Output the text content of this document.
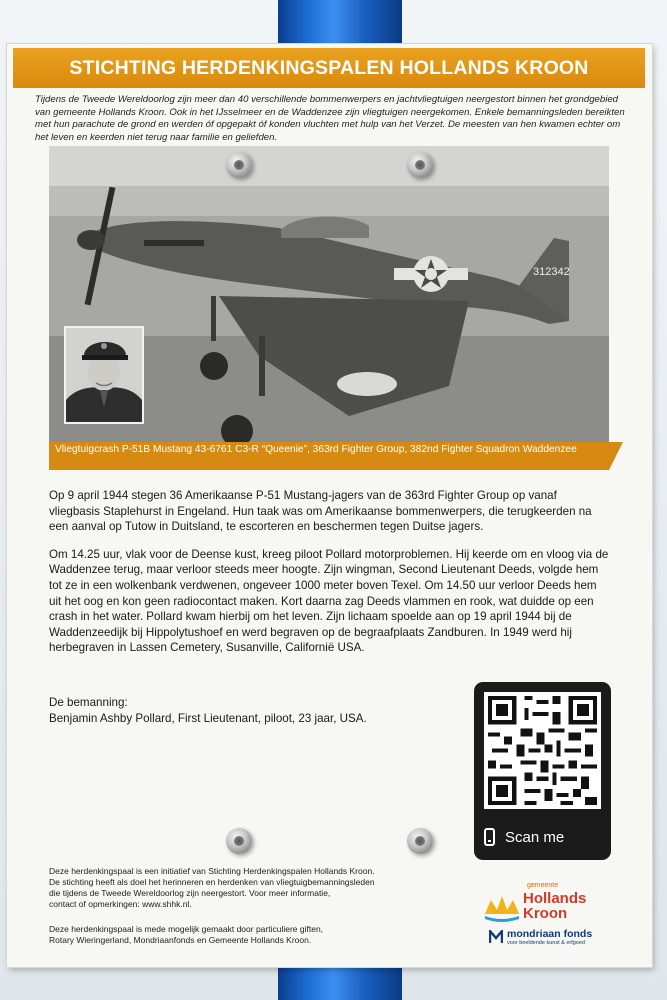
STICHTING HERDENKINGSPALEN HOLLANDS KROON
Tijdens de Tweede Wereldoorlog zijn meer dan 40 verschillende bommenwerpers en jachtvliegtuigen neergestort binnen het grondgebied van gemeente Hollands Kroon. Ook in het IJsselmeer en de Waddenzee zijn vliegtuigen neergekomen. Enkele bemanningsleden bereikten met hun parachute de grond en werden óf opgepakt óf konden vluchten met hulp van het Verzet. De meesten van hen kwamen echter om het leven en keerden niet terug naar familie en geliefden.
312342
Vliegtuigcrash P-51B Mustang 43-6761 C3-R “Queenie”, 363rd Fighter Group, 382nd Fighter Squadron Waddenzee

Op 9 april 1944 stegen 36 Amerikaanse P-51 Mustang-jagers van de 363rd Fighter Group op vanaf vliegbasis Staplehurst in Engeland. Hun taak was om Amerikaanse bommenwerpers, die terugkeerden na een aanval op Tutow in Duitsland, te escorteren en beschermen tegen Duitse jagers.

Om 14.25 uur, vlak voor de Deense kust, kreeg piloot Pollard motorproblemen. Hij keerde om en vloog via de Waddenzee terug, maar verloor steeds meer hoogte. Zijn wingman, Second Lieutenant Deeds, volgde hem tot ze in een wolkenbank verdwenen, ongeveer 1000 meter boven Texel. Om 14.50 uur verloor Deeds hem uit het oog en kon geen radiocontact maken. Kort daarna zag Deeds vlammen en rook, wat duidde op een crash in het water. Pollard kwam hierbij om het leven. Zijn lichaam spoelde aan op 19 april 1944 bij de Waddenzeedijk bij Hippolytushoef en werd begraven op de begraafplaats Zandburen. In 1949 werd hij herbegraven in Lassen Cemetery, Susanville, Californië USA.

De bemanning:
Benjamin Ashby Pollard, First Lieutenant, piloot, 23 jaar, USA.
Scan me
Deze herdenkingspaal is een initiatief van Stichting Herdenkingspalen Hollands Kroon.
De stichting heeft als doel het herinneren en herdenken van vliegtuigbemanningsleden
die tijdens de Tweede Wereldoorlog zijn neergestort. Voor meer informatie,
contact of opmerkingen: www.shhk.nl.
Deze herdenkingspaal is mede mogelijk gemaakt door particuliere giften,
Rotary Wieringerland, Mondriaanfonds en Gemeente Hollands Kroon.
gemeente
Hollands
Kroon
mondriaan fonds
voor beeldende kunst & erfgoed
